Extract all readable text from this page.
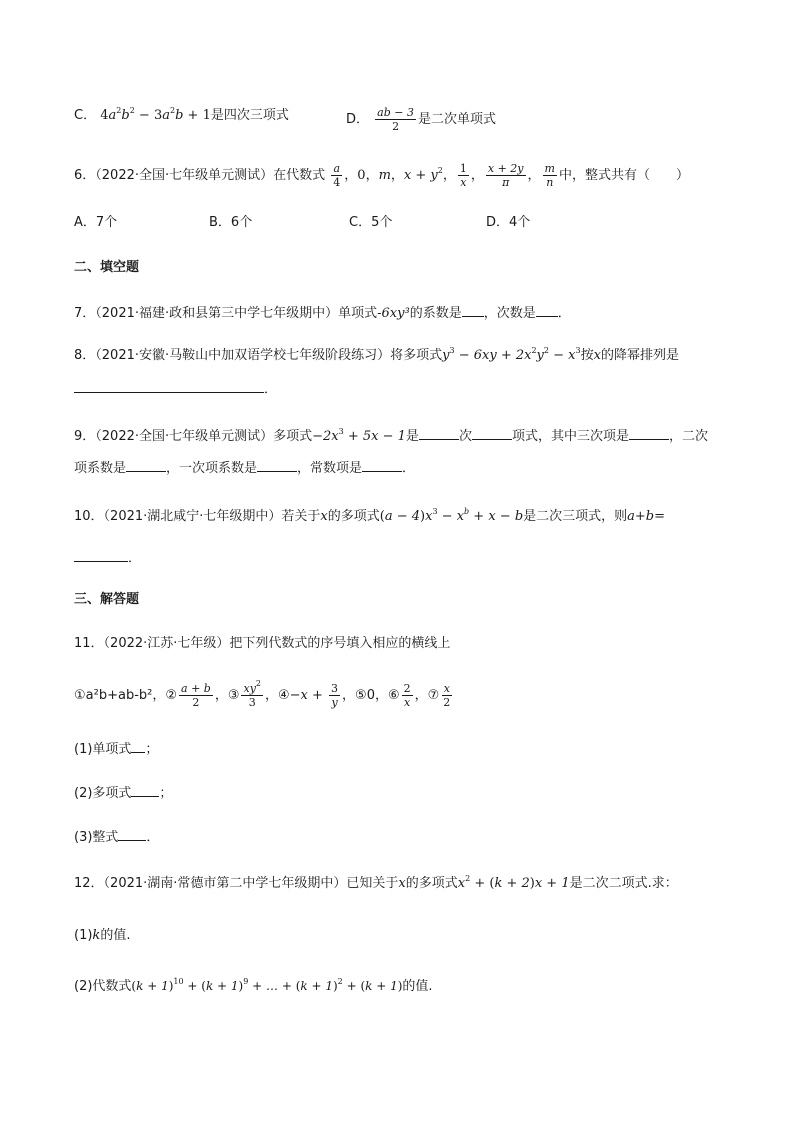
C． $4a^2b^2 - 3a^2b + 1$是四次三项式	D． $\frac{ab - 3}{2}$ 是二次单项式
6．（2022·全国·七年级单元测试）在代数式 $\frac{a}{4}$ ，0，m，$x + y^2$， $\frac{1}{x}$ ， $\frac{x + 2y}{\pi}$ ， $\frac{m}{n}$ 中，整式共有（　　）
A．7个	B．6个	C．5个	D．4个
二、填空题
7．（2021·福建·政和县第三中学七年级期中）单项式-6xy³的系数是 ，次数是 ．
8．（2021·安徽·马鞍山中加双语学校七年级阶段练习）将多项式$y^3 - 6xy + 2x^2y^2 - x^3$按x的降幂排列是
．
9．（2022·全国·七年级单元测试）多项式$-2x^3 + 5x - 1$是	次	项式，其中三次项是	，二次
项系数是	，一次项系数是	，常数项是	．
10．（2021·湖北咸宁·七年级期中）若关于x的多项式$(a - 4)x^3 - x^b + x - b$是二次三项式，则a+b=
．
三、解答题
11．（2022·江苏·七年级）把下列代数式的序号填入相应的横线上
①a²b+ab-b²，② $\frac{a + b}{2}$ ，③ $\frac{xy^2}{3}$ ，④−x + $\frac{3}{y}$ ，⑤0，⑥ $\frac{2}{x}$ ，⑦ $\frac{x}{2}$
(1)单项式 ；
(2)多项式 ；
(3)整式 ．
12．（2021·湖南·常德市第二中学七年级期中）已知关于x的多项式$x^2 + (k + 2)x + 1$是二次二项式.求：
(1)k的值.
(2)代数式$(k + 1)^{10} + (k + 1)^9$ + … + $(k + 1)^2 + (k + 1)$的值.
